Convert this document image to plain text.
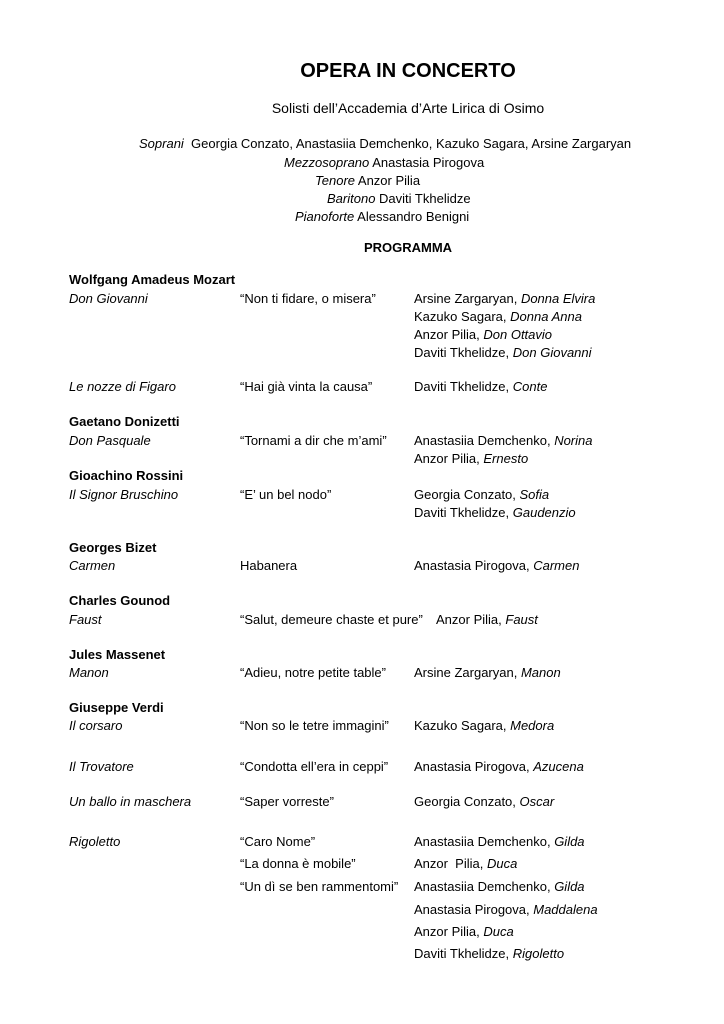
OPERA IN CONCERTO
Solisti dell’Accademia d’Arte Lirica di Osimo
Soprani Georgia Conzato, Anastasiia Demchenko, Kazuko Sagara, Arsine Zargaryan
Mezzosoprano Anastasia Pirogova
Tenore Anzor Pilia
Baritono Daviti Tkhelidze
Pianoforte Alessandro Benigni
PROGRAMMA
Wolfgang Amadeus Mozart
Don Giovanni	“Non ti fidare, o misera”	Arsine Zargaryan, Donna Elvira
Kazuko Sagara, Donna Anna
Anzor Pilia, Don Ottavio
Daviti Tkhelidze, Don Giovanni
Le nozze di Figaro	“Hai già vinta la causa”	Daviti Tkhelidze, Conte
Gaetano Donizetti
Don Pasquale	“Tornami a dir che m’ami” Anastasiia Demchenko, Norina
Anzor Pilia, Ernesto
Gioachino Rossini
Il Signor Bruschino	“E’ un bel nodo”	Georgia Conzato, Sofia
Daviti Tkhelidze, Gaudenzio
Georges Bizet
Carmen	Habanera	Anastasia Pirogova, Carmen
Charles Gounod
Faust	“Salut, demeure chaste et pure” Anzor Pilia, Faust
Jules Massenet
Manon	“Adieu, notre petite table” Arsine Zargaryan, Manon
Giuseppe Verdi
Il corsaro	“Non so le tetre immagini” Kazuko Sagara, Medora
Il Trovatore	“Condotta ell’era in ceppi” Anastasia Pirogova, Azucena
Un ballo in maschera	“Saper vorreste”	Georgia Conzato, Oscar
Rigoletto	“Caro Nome”	Anastasiia Demchenko, Gilda
“La donna è mobile”	Anzor  Pilia, Duca
“Un dì se ben rammentomi” Anastasiia Demchenko, Gilda
Anastasia Pirogova, Maddalena
Anzor Pilia, Duca
Daviti Tkhelidze, Rigoletto
